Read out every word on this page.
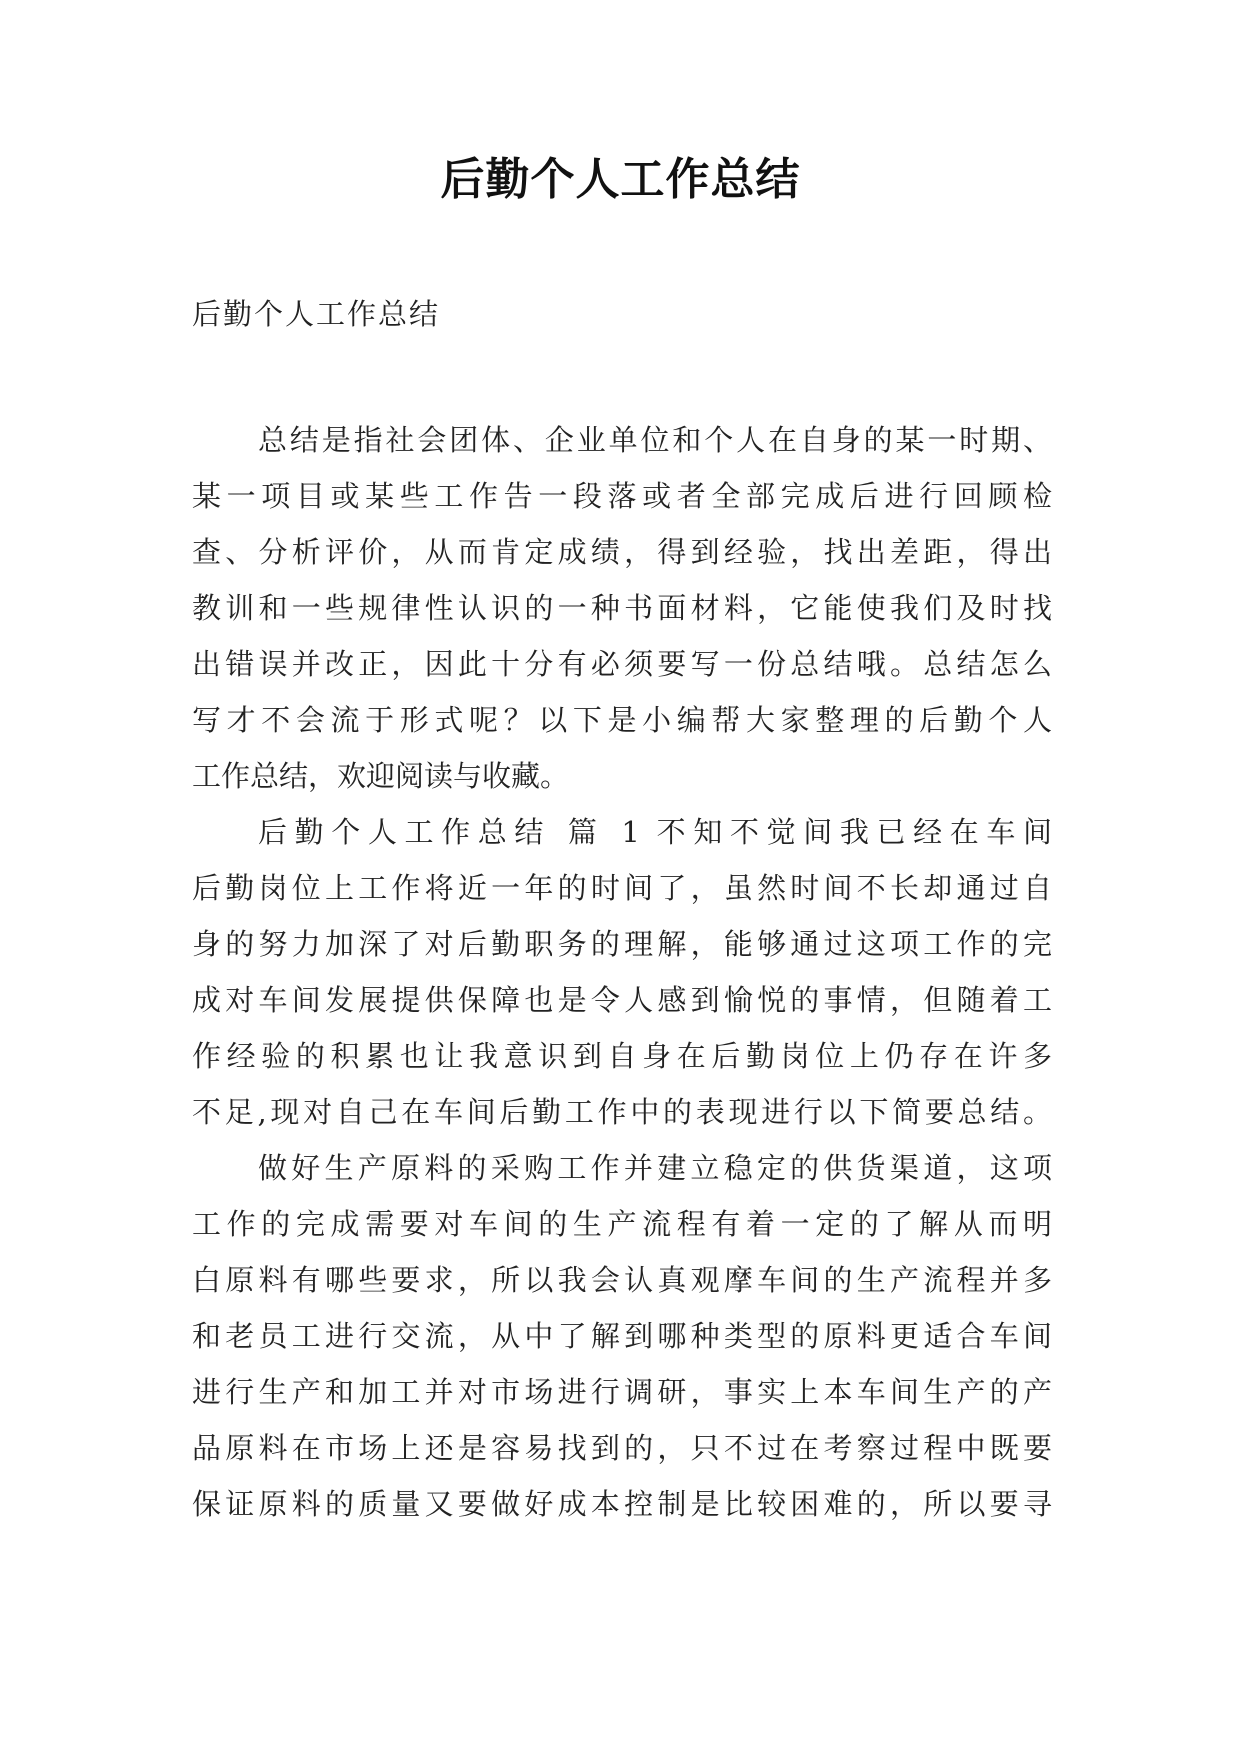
后勤个人工作总结
后勤个人工作总结
总结是指社会团体、企业单位和个人在自身的某一时期、
某一项目或某些工作告一段落或者全部完成后进行回顾检
查、分析评价，从而肯定成绩，得到经验，找出差距，得出
教训和一些规律性认识的一种书面材料，它能使我们及时找
出错误并改正，因此十分有必须要写一份总结哦。总结怎么
写才不会流于形式呢？以下是小编帮大家整理的后勤个人
工作总结，欢迎阅读与收藏。
后勤个人工作总结 篇 1 不知不觉间我已经在车间
后勤岗位上工作将近一年的时间了，虽然时间不长却通过自
身的努力加深了对后勤职务的理解，能够通过这项工作的完
成对车间发展提供保障也是令人感到愉悦的事情，但随着工
作经验的积累也让我意识到自身在后勤岗位上仍存在许多
不足,现对自己在车间后勤工作中的表现进行以下简要总结。
做好生产原料的采购工作并建立稳定的供货渠道，这项
工作的完成需要对车间的生产流程有着一定的了解从而明
白原料有哪些要求，所以我会认真观摩车间的生产流程并多
和老员工进行交流，从中了解到哪种类型的原料更适合车间
进行生产和加工并对市场进行调研，事实上本车间生产的产
品原料在市场上还是容易找到的，只不过在考察过程中既要
保证原料的质量又要做好成本控制是比较困难的，所以要寻
